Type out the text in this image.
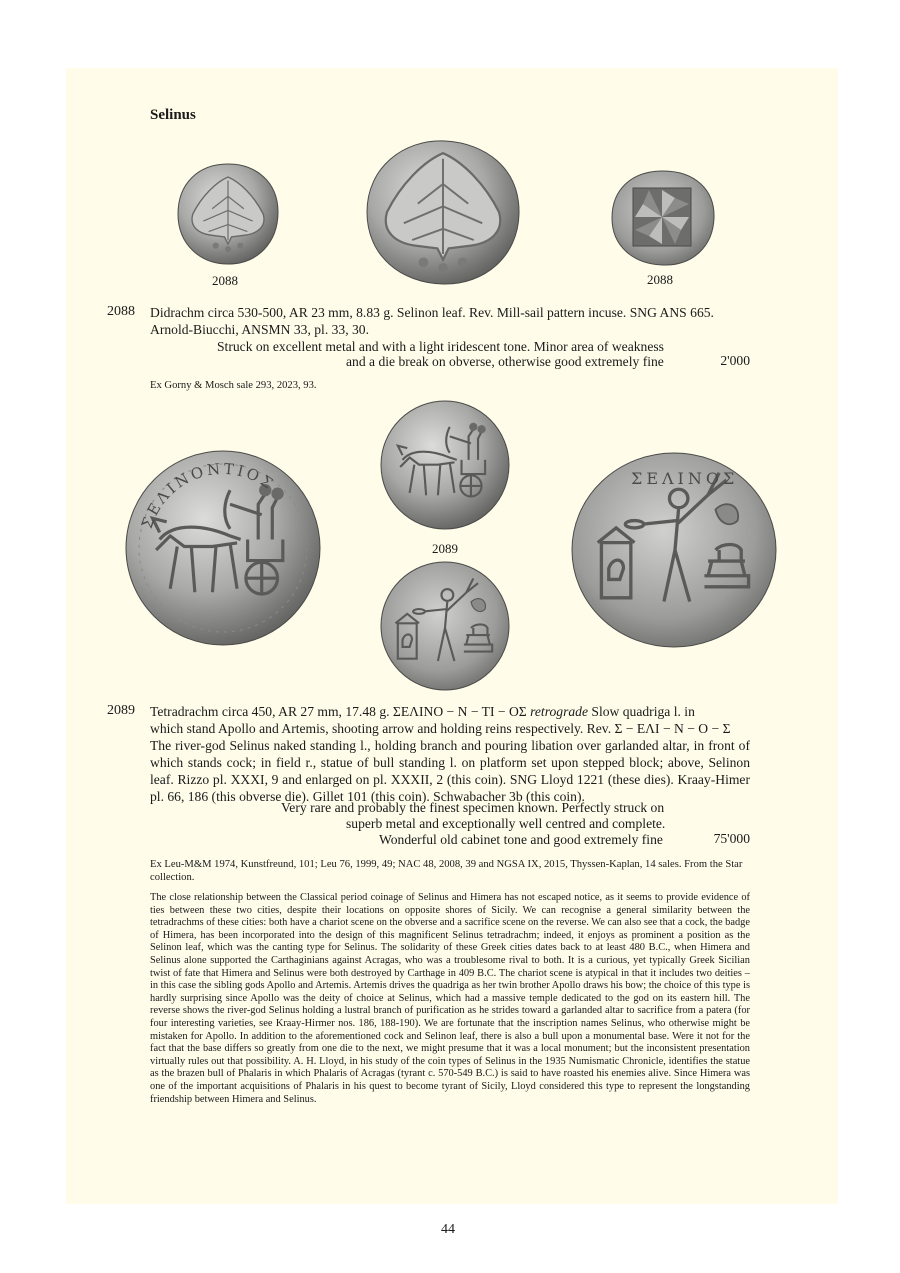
Selinus
2088	2088
2088 Didrachm circa 530-500, AR 23 mm, 8.83 g. Selinon leaf. Rev. Mill-sail pattern incuse. SNG ANS 665.
Arnold-Biucchi, ANSMN 33, pl. 33, 30.
Struck on excellent metal and with a light iridescent tone. Minor area of weakness
and a die break on obverse, otherwise good extremely fine	2'000
Ex Gorny & Mosch sale 293, 2023, 93.
ΣΕΛΙΝΟΝΤΙΟΣ
2089
ΣΕΛΙΝΟΣ
2089 Tetradrachm circa 450, AR 27 mm, 17.48 g. ΣΕΛΙΝΟ − Ν − ΤΙ − ΟΣ retrograde Slow quadriga l. in
which stand Apollo and Artemis, shooting arrow and holding reins respectively. Rev. Σ − ΕΛΙ − Ν − Ο − Σ
The river-god Selinus naked standing l., holding branch and pouring libation over garlanded altar, in front of which stands cock; in field r., statue of bull standing l. on platform set upon stepped block; above, Selinon leaf. Rizzo pl. XXXI, 9 and enlarged on pl. XXXII, 2 (this coin). SNG Lloyd 1221 (these dies). Kraay-Himer pl. 66, 186 (this obverse die). Gillet 101 (this coin). Schwabacher 3b (this coin).
Very rare and probably the finest specimen known. Perfectly struck on
superb metal and exceptionally well centred and complete.
Wonderful old cabinet tone and good extremely fine	75'000
Ex Leu-M&M 1974, Kunstfreund, 101; Leu 76, 1999, 49; NAC 48, 2008, 39 and NGSA IX, 2015, Thyssen-Kaplan, 14 sales. From the Star collection.
The close relationship between the Classical period coinage of Selinus and Himera has not escaped notice, as it seems to provide evidence of ties between these two cities, despite their locations on opposite shores of Sicily. We can recognise a general similarity between the tetradrachms of these cities: both have a chariot scene on the obverse and a sacrifice scene on the reverse. We can also see that a cock, the badge of Himera, has been incorporated into the design of this magnificent Selinus tetradrachm; indeed, it enjoys as prominent a position as the Selinon leaf, which was the canting type for Selinus. The solidarity of these Greek cities dates back to at least 480 B.C., when Himera and Selinus alone supported the Carthaginians against Acragas, who was a troublesome rival to both. It is a curious, yet typically Greek Sicilian twist of fate that Himera and Selinus were both destroyed by Carthage in 409 B.C. The chariot scene is atypical in that it includes two deities – in this case the sibling gods Apollo and Artemis. Artemis drives the quadriga as her twin brother Apollo draws his bow; the choice of this type is hardly surprising since Apollo was the deity of choice at Selinus, which had a massive temple dedicated to the god on its eastern hill. The reverse shows the river-god Selinus holding a lustral branch of purification as he strides toward a garlanded altar to sacrifice from a patera (for four interesting varieties, see Kraay-Hirmer nos. 186, 188-190). We are fortunate that the inscription names Selinus, who otherwise might be mistaken for Apollo. In addition to the aforementioned cock and Selinon leaf, there is also a bull upon a monumental base. Were it not for the fact that the base differs so greatly from one die to the next, we might presume that it was a local monument; but the inconsistent presentation virtually rules out that possibility. A. H. Lloyd, in his study of the coin types of Selinus in the 1935 Numismatic Chronicle, identifies the statue as the brazen bull of Phalaris in which Phalaris of Acragas (tyrant c. 570-549 B.C.) is said to have roasted his enemies alive. Since Himera was one of the important acquisitions of Phalaris in his quest to become tyrant of Sicily, Lloyd considered this type to represent the longstanding friendship between Himera and Selinus.
44
